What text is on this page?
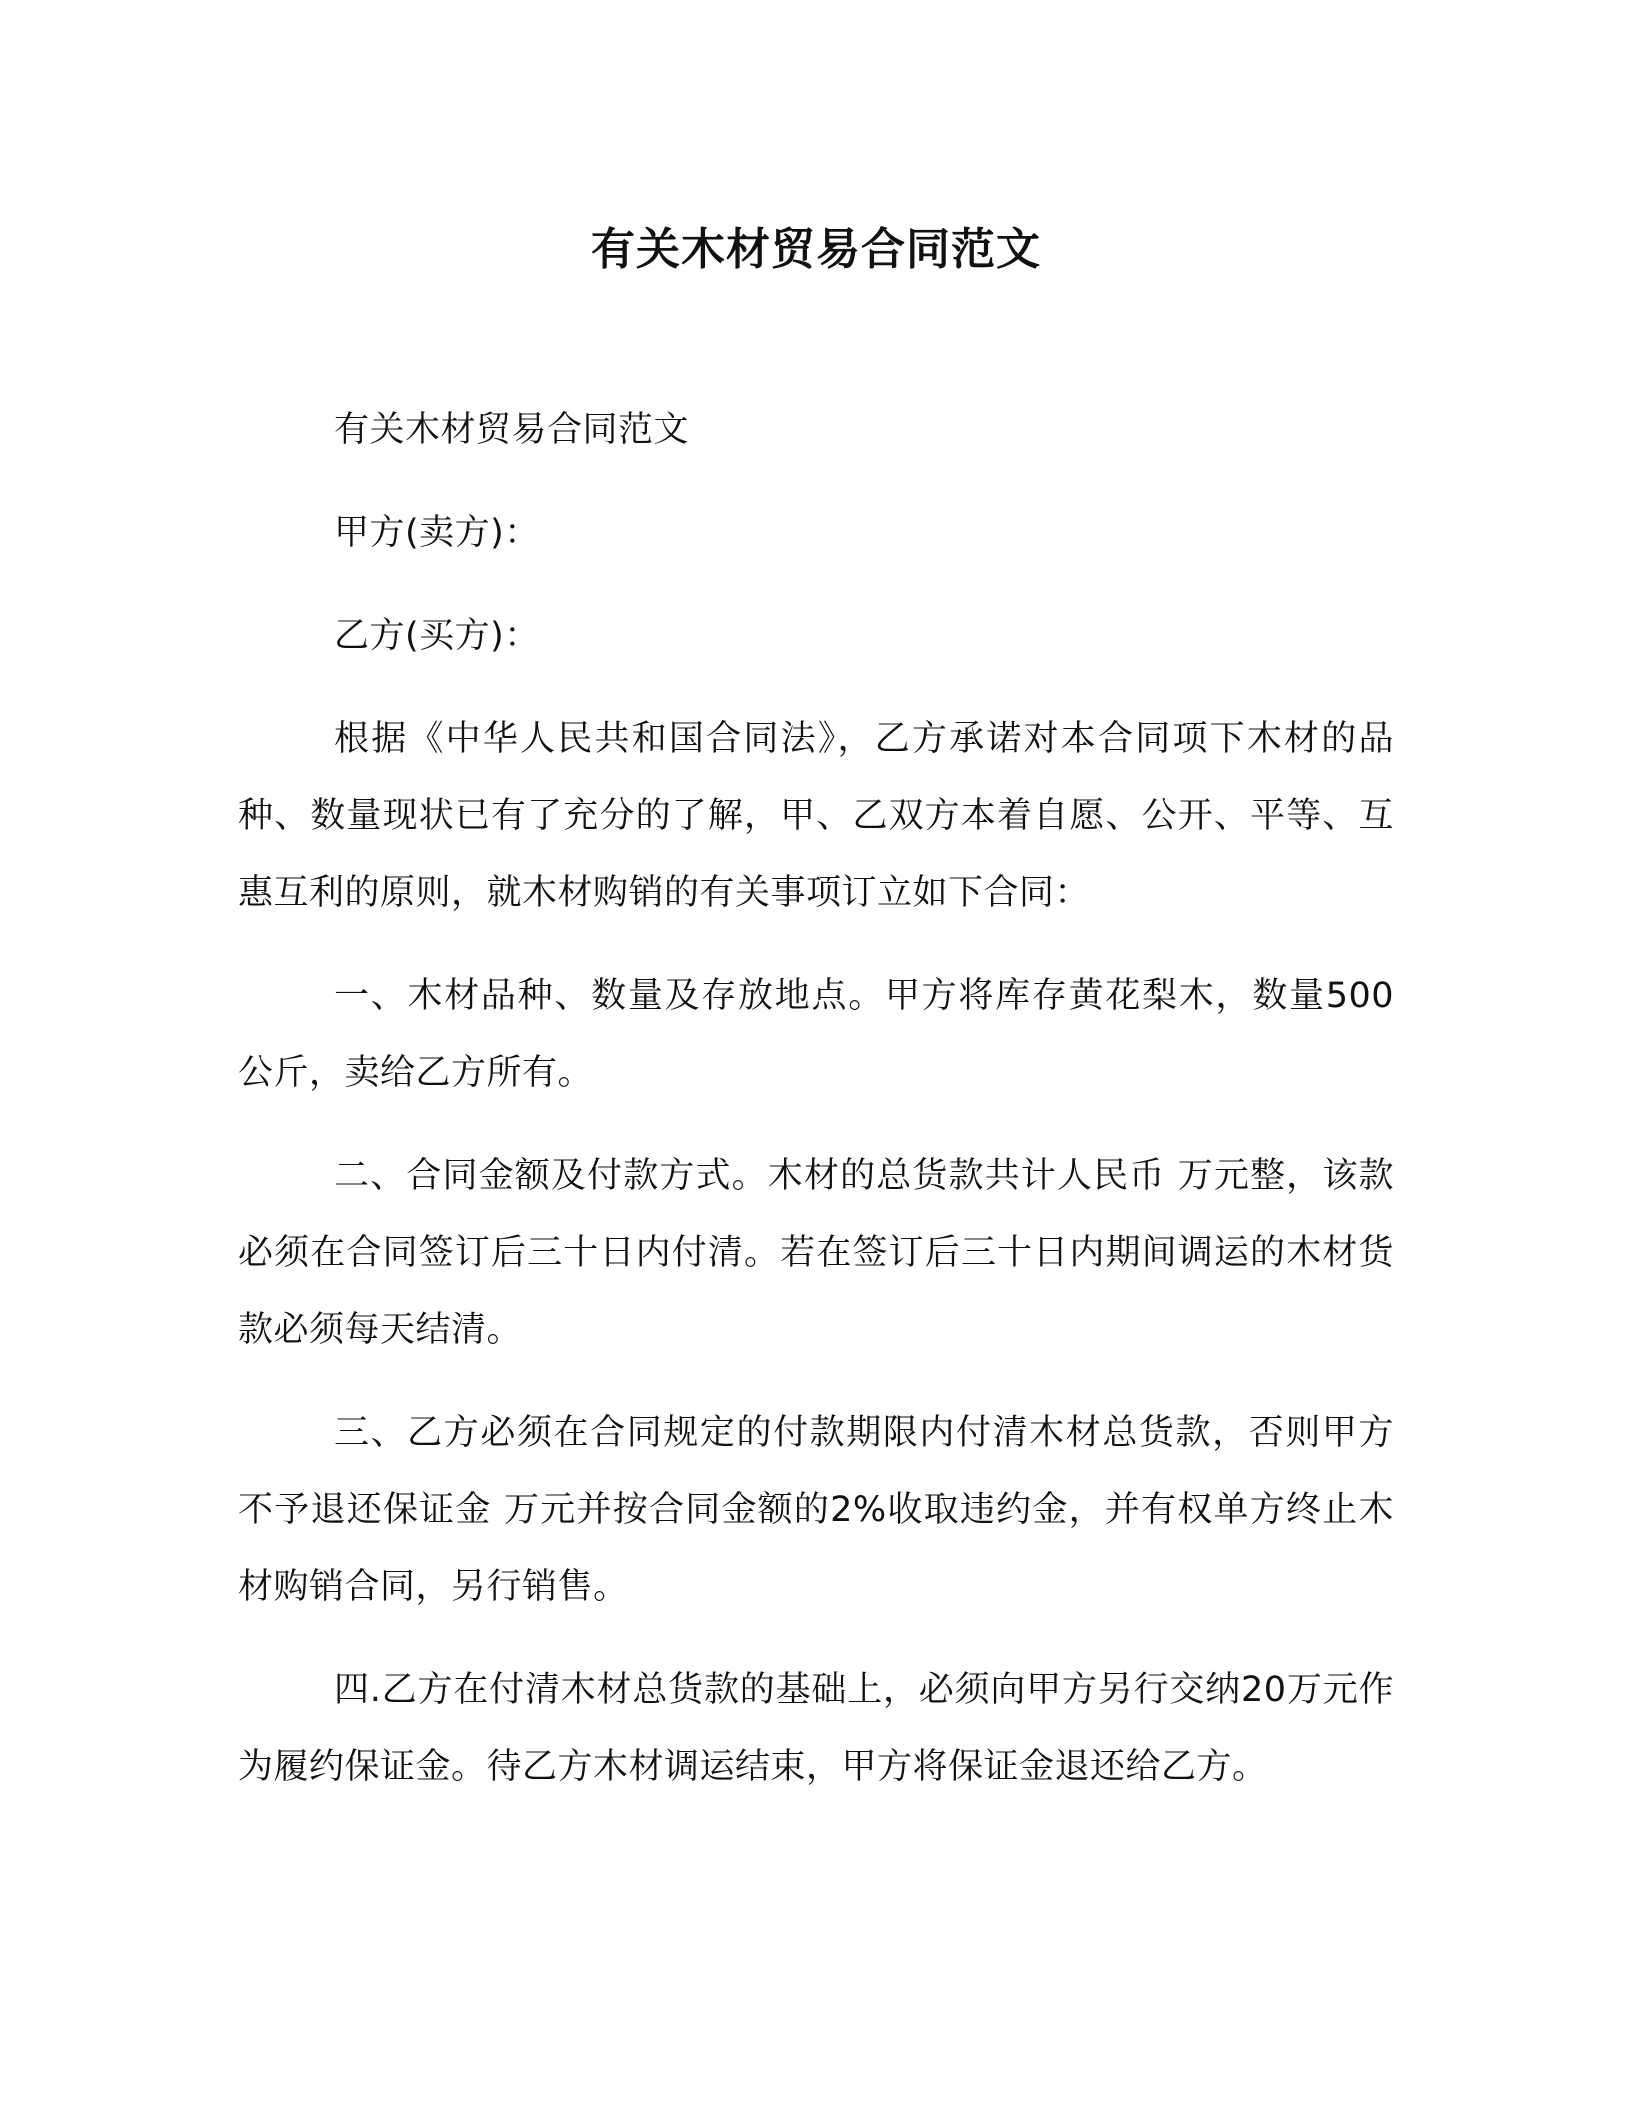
有关木材贸易合同范文

有关木材贸易合同范文

甲方(卖方)：

乙方(买方)：

根据《中华人民共和国合同法》，乙方承诺对本合同项下木材的品种、数量现状已有了充分的了解，甲、乙双方本着自愿、公开、平等、互惠互利的原则，就木材购销的有关事项订立如下合同：

一、木材品种、数量及存放地点。甲方将库存黄花梨木，数量500公斤，卖给乙方所有。

二、合同金额及付款方式。木材的总货款共计人民币 万元整，该款必须在合同签订后三十日内付清。若在签订后三十日内期间调运的木材货款必须每天结清。

三、乙方必须在合同规定的付款期限内付清木材总货款，否则甲方不予退还保证金 万元并按合同金额的2%收取违约金，并有权单方终止木材购销合同，另行销售。

四.乙方在付清木材总货款的基础上，必须向甲方另行交纳20万元作为履约保证金。待乙方木材调运结束，甲方将保证金退还给乙方。
